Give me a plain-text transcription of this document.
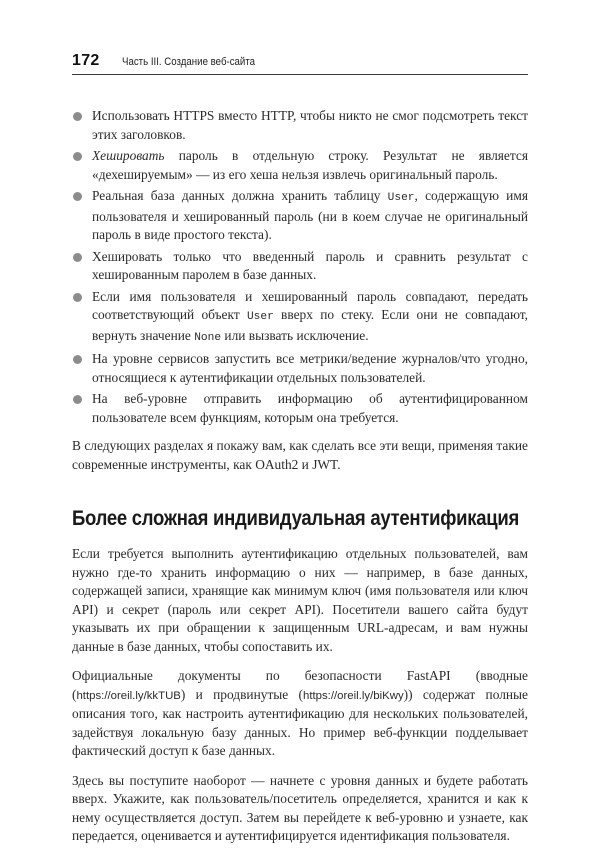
172 Часть III. Создание веб-сайта
Использовать HTTPS вместо HTTP, чтобы никто не смог подсмотреть текст этих заголовков.
Хешировать пароль в отдельную строку. Результат не является «дехешируемым» — из его хеша нельзя извлечь оригинальный пароль.
Реальная база данных должна хранить таблицу User, содержащую имя пользователя и хешированный пароль (ни в коем случае не оригинальный пароль в виде простого текста).
Хешировать только что введенный пароль и сравнить результат с хешированным паролем в базе данных.
Если имя пользователя и хешированный пароль совпадают, передать соответствующий объект User вверх по стеку. Если они не совпадают, вернуть значение None или вызвать исключение.
На уровне сервисов запустить все метрики/ведение журналов/что угодно, относящиеся к аутентификации отдельных пользователей.
На веб-уровне отправить информацию об аутентифицированном пользователе всем функциям, которым она требуется.

В следующих разделах я покажу вам, как сделать все эти вещи, применяя такие современные инструменты, как OAuth2 и JWT.

Более сложная индивидуальная аутентификация

Если требуется выполнить аутентификацию отдельных пользователей, вам нужно где-то хранить информацию о них — например, в базе данных, содержащей записи, хранящие как минимум ключ (имя пользователя или ключ API) и секрет (пароль или секрет API). Посетители вашего сайта будут указывать их при обращении к защищенным URL-адресам, и вам нужны данные в базе данных, чтобы сопоставить их.

Официальные документы по безопасности FastAPI (вводные (https://oreil.ly/kkTUB) и продвинутые (https://oreil.ly/biKwy)) содержат полные описания того, как настроить аутентификацию для нескольких пользователей, задействуя локальную базу данных. Но пример веб-функции подделывает фактический доступ к базе данных.

Здесь вы поступите наоборот — начнете с уровня данных и будете работать вверх. Укажите, как пользователь/посетитель определяется, хранится и как к нему осуществляется доступ. Затем вы перейдете к веб-уровню и узнаете, как передается, оценивается и аутентифицируется идентификация пользователя.
